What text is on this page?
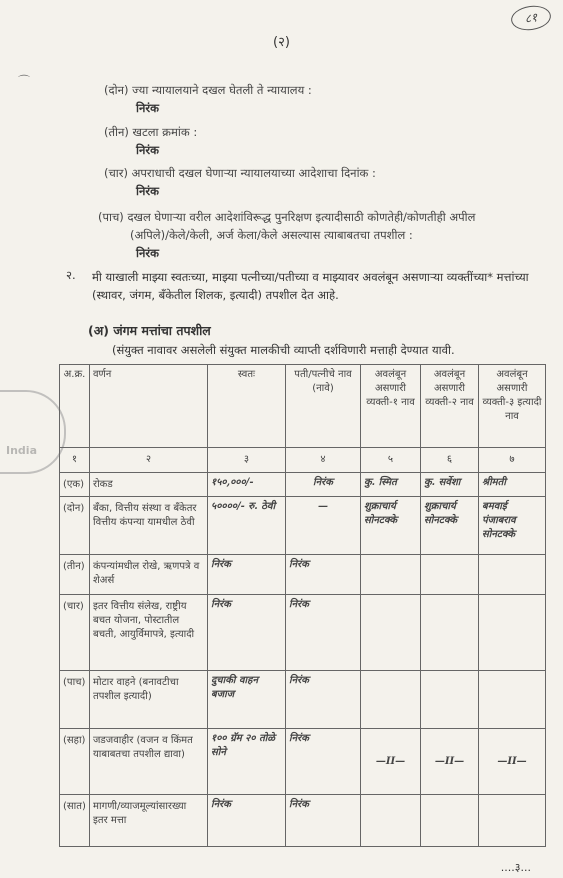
(२)
८१
⌒
(दोन) ज्या न्यायालयाने दखल घेतली ते न्यायालय :
निरंक
(तीन) खटला क्रमांक :
निरंक
(चार) अपराधाची दखल घेणाऱ्या न्यायालयाच्या आदेशाचा दिनांक :
निरंक
(पाच) दखल घेणाऱ्या वरील आदेशांविरूद्ध पुनरिक्षण इत्यादीसाठी कोणतेही/कोणतीही अपील
(अपिले)/केले/केली, अर्ज केला/केले असल्यास त्याबाबतचा तपशील :
निरंक
२. मी याखाली माझ्या स्वतःच्या, माझ्या पत्नीच्या/पतीच्या व माझ्यावर अवलंबून असणाऱ्या व्यक्तींच्या* मत्तांच्या (स्थावर, जंगम, बँकेतील शिलक, इत्यादी) तपशील देत आहे.
(अ) जंगम मत्तांचा तपशील
(संयुक्त नावावर असलेली संयुक्त मालकीची व्याप्ती दर्शविणारी मत्ताही देण्यात यावी.
India
अ.क्र.	वर्णन	स्वतः	पती/पत्नीचे नाव (नावे)	अवलंबून असणारी व्यक्ती-१ नाव	अवलंबून असणारी व्यक्ती-२ नाव	अवलंबून असणारी व्यक्ती-३ इत्यादी नाव
१	२	३	४	५	६	७
(एक)	रोकड	१५०,०००/-	निरंक	कु. स्मित	कु. सर्वेशा	श्रीमती
(दोन)	बँका, वित्तीय संस्था व बँकेतर वित्तीय कंपन्या यामधील ठेवी	५००००/- रु. ठेवी	—	शुक्राचार्य सोनटक्के	शुक्राचार्य सोनटक्के	बमवाई पंजाबराव सोनटक्के
(तीन)	कंपन्यांमधील रोखे, ऋणपत्रे व शेअर्स	निरंक	निरंक			
(चार)	इतर वित्तीय संलेख, राष्ट्रीय बचत योजना, पोस्टातील बचती, आयुर्विमापत्रे, इत्यादी	निरंक	निरंक			
(पाच)	मोटार वाहने (बनावटीचा तपशील इत्यादी)	दुचाकी वाहन बजाज	निरंक			
(सहा)	जडजवाहीर (वजन व किंमत याबाबतचा तपशील द्यावा)	१०० ग्रॅम २० तोळे सोने	निरंक	—II—	—II—	—II—
(सात)	मागणी/व्याजमूल्यांसारख्या इतर मत्ता	निरंक	निरंक			
....३...
